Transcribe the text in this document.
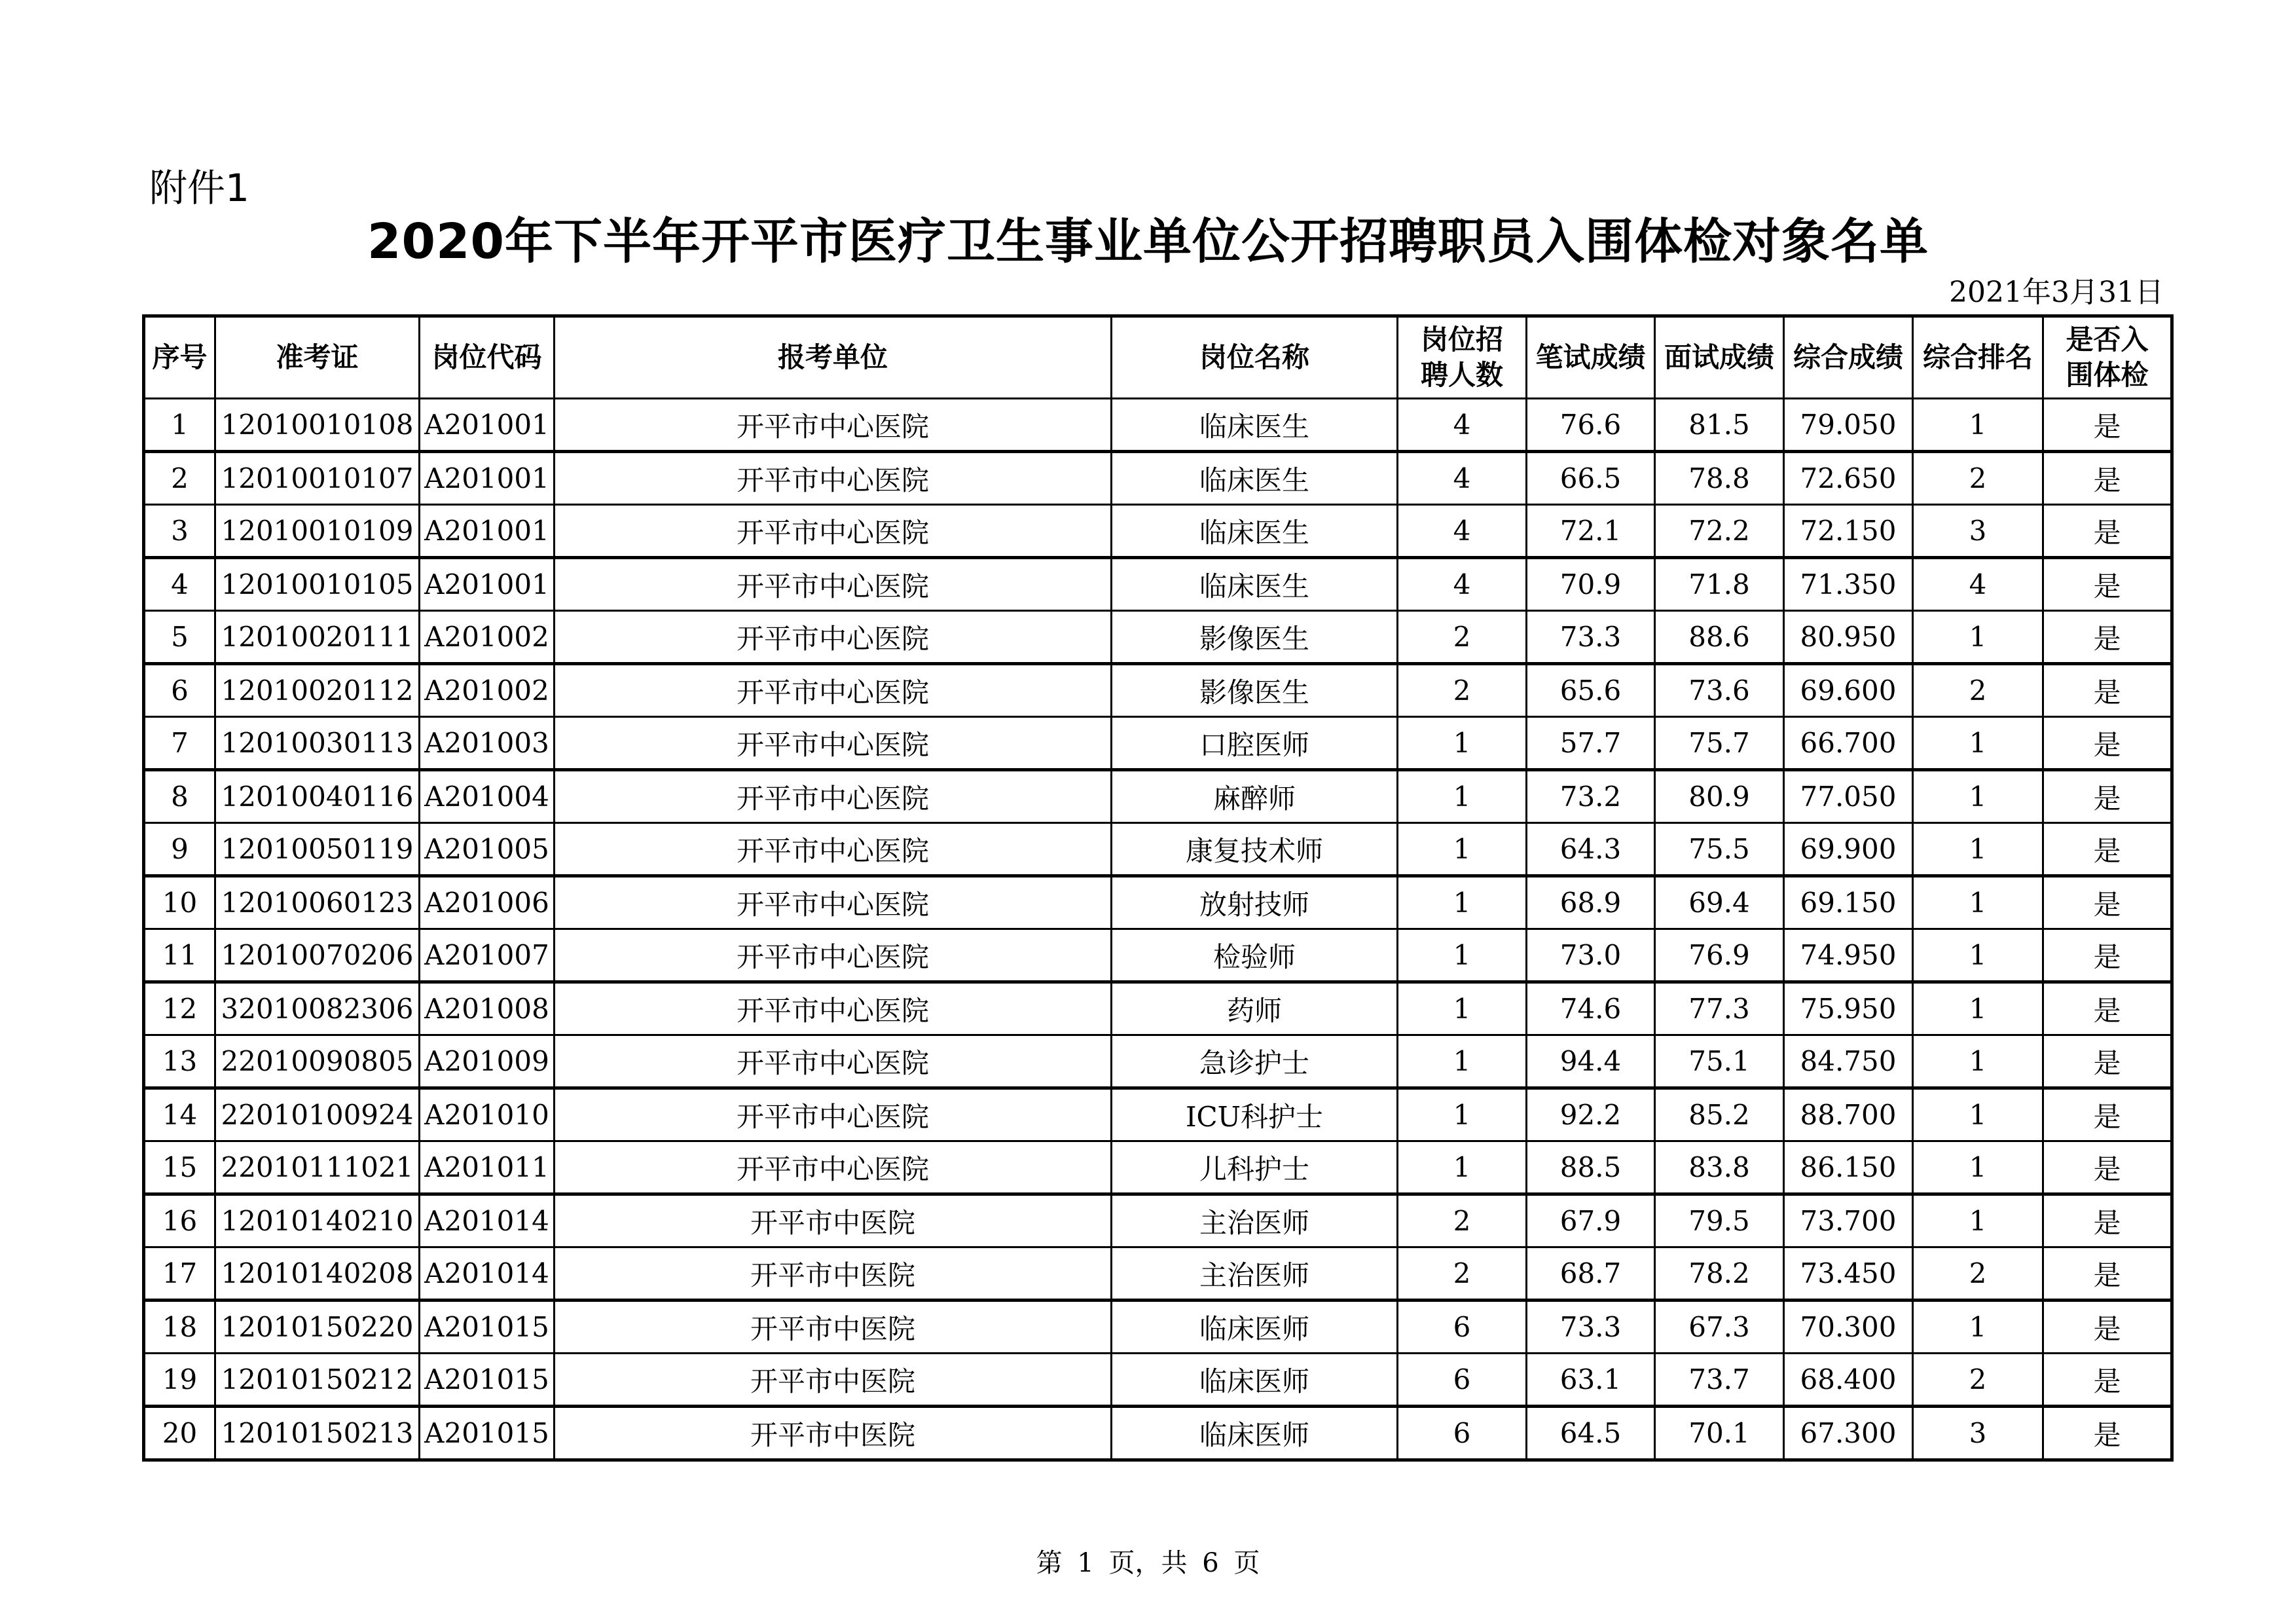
附件1
2020年下半年开平市医疗卫生事业单位公开招聘职员入围体检对象名单
2021年3月31日
序号	准考证	岗位代码	报考单位	岗位名称	岗位招聘人数	笔试成绩	面试成绩	综合成绩	综合排名	是否入围体检
1	12010010108	A201001	开平市中心医院	临床医生	4	76.6	81.5	79.050	1	是
2	12010010107	A201001	开平市中心医院	临床医生	4	66.5	78.8	72.650	2	是
3	12010010109	A201001	开平市中心医院	临床医生	4	72.1	72.2	72.150	3	是
4	12010010105	A201001	开平市中心医院	临床医生	4	70.9	71.8	71.350	4	是
5	12010020111	A201002	开平市中心医院	影像医生	2	73.3	88.6	80.950	1	是
6	12010020112	A201002	开平市中心医院	影像医生	2	65.6	73.6	69.600	2	是
7	12010030113	A201003	开平市中心医院	口腔医师	1	57.7	75.7	66.700	1	是
8	12010040116	A201004	开平市中心医院	麻醉师	1	73.2	80.9	77.050	1	是
9	12010050119	A201005	开平市中心医院	康复技术师	1	64.3	75.5	69.900	1	是
10	12010060123	A201006	开平市中心医院	放射技师	1	68.9	69.4	69.150	1	是
11	12010070206	A201007	开平市中心医院	检验师	1	73.0	76.9	74.950	1	是
12	32010082306	A201008	开平市中心医院	药师	1	74.6	77.3	75.950	1	是
13	22010090805	A201009	开平市中心医院	急诊护士	1	94.4	75.1	84.750	1	是
14	22010100924	A201010	开平市中心医院	ICU科护士	1	92.2	85.2	88.700	1	是
15	22010111021	A201011	开平市中心医院	儿科护士	1	88.5	83.8	86.150	1	是
16	12010140210	A201014	开平市中医院	主治医师	2	67.9	79.5	73.700	1	是
17	12010140208	A201014	开平市中医院	主治医师	2	68.7	78.2	73.450	2	是
18	12010150220	A201015	开平市中医院	临床医师	6	73.3	67.3	70.300	1	是
19	12010150212	A201015	开平市中医院	临床医师	6	63.1	73.7	68.400	2	是
20	12010150213	A201015	开平市中医院	临床医师	6	64.5	70.1	67.300	3	是
第 1 页，共 6 页
